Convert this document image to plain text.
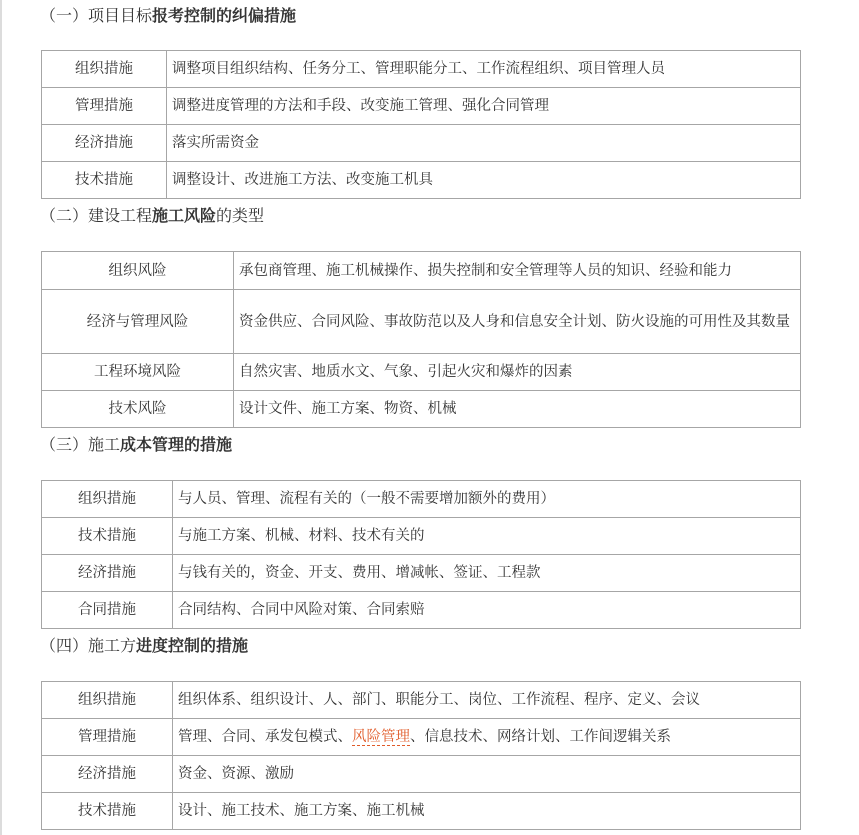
（一）项目目标报考控制的纠偏措施
组织措施	调整项目组织结构、任务分工、管理职能分工、工作流程组织、项目管理人员
管理措施	调整进度管理的方法和手段、改变施工管理、强化合同管理
经济措施	落实所需资金
技术措施	调整设计、改进施工方法、改变施工机具
（二）建设工程施工风险的类型
组织风险	承包商管理、施工机械操作、损失控制和安全管理等人员的知识、经验和能力
经济与管理风险	资金供应、合同风险、事故防范以及人身和信息安全计划、防火设施的可用性及其数量
工程环境风险	自然灾害、地质水文、气象、引起火灾和爆炸的因素
技术风险	设计文件、施工方案、物资、机械
（三）施工成本管理的措施
组织措施	与人员、管理、流程有关的（一般不需要增加额外的费用）
技术措施	与施工方案、机械、材料、技术有关的
经济措施	与钱有关的，资金、开支、费用、增减帐、签证、工程款
合同措施	合同结构、合同中风险对策、合同索赔
（四）施工方进度控制的措施
组织措施	组织体系、组织设计、人、部门、职能分工、岗位、工作流程、程序、定义、会议
管理措施	管理、合同、承发包模式、风险管理、信息技术、网络计划、工作间逻辑关系
经济措施	资金、资源、激励
技术措施	设计、施工技术、施工方案、施工机械
